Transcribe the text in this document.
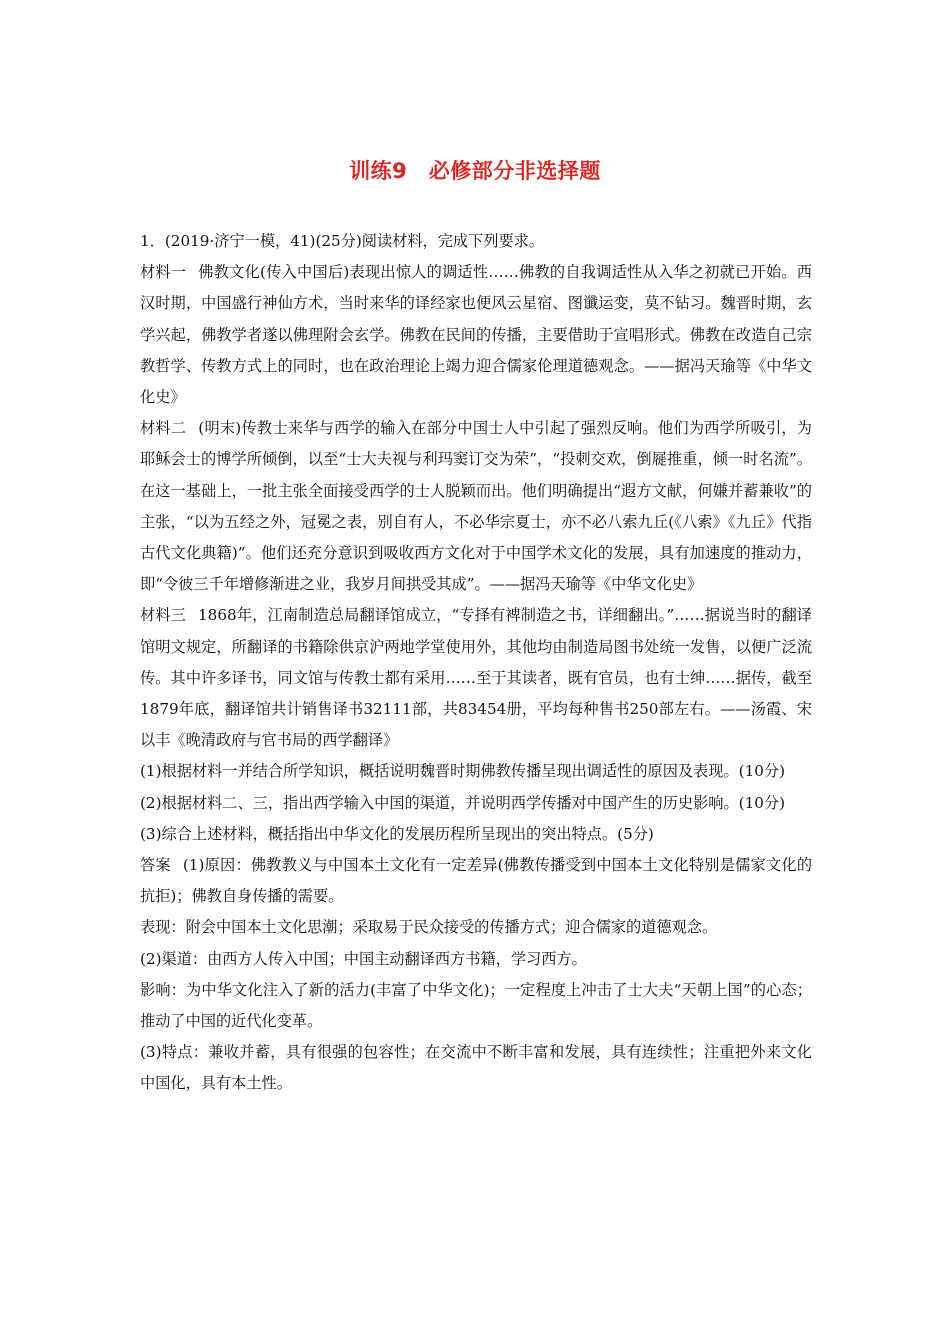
训练9　必修部分非选择题

1．(2019·济宁一模，41)(25分)阅读材料，完成下列要求。

材料一 佛教文化(传入中国后)表现出惊人的调适性……佛教的自我调适性从入华之初就已开始。西汉时期，中国盛行神仙方术，当时来华的译经家也便风云星宿、图谶运变，莫不钻习。魏晋时期，玄学兴起，佛教学者遂以佛理附会玄学。佛教在民间的传播，主要借助于宣唱形式。佛教在改造自己宗教哲学、传教方式上的同时，也在政治理论上竭力迎合儒家伦理道德观念。——据冯天瑜等《中华文化史》

材料二 (明末)传教士来华与西学的输入在部分中国士人中引起了强烈反响。他们为西学所吸引，为耶稣会士的博学所倾倒，以至“士大夫视与利玛窦订交为荣”，“投刺交欢，倒屣推重，倾一时名流”。在这一基础上，一批主张全面接受西学的士人脱颖而出。他们明确提出“遐方文献，何嫌并蓄兼收”的主张，“以为五经之外，冠冕之表，别自有人，不必华宗夏士，亦不必八索九丘(《八索》《九丘》代指古代文化典籍)”。他们还充分意识到吸收西方文化对于中国学术文化的发展，具有加速度的推动力，即“令彼三千年增修渐进之业，我岁月间拱受其成”。——据冯天瑜等《中华文化史》

材料三 1868年，江南制造总局翻译馆成立，“专择有裨制造之书，详细翻出。”……据说当时的翻译馆明文规定，所翻译的书籍除供京沪两地学堂使用外，其他均由制造局图书处统一发售，以便广泛流传。其中许多译书，同文馆与传教士都有采用……至于其读者，既有官员，也有士绅……据传，截至1879年底，翻译馆共计销售译书32111部，共83454册，平均每种售书250部左右。——汤霞、宋以丰《晚清政府与官书局的西学翻译》

(1)根据材料一并结合所学知识，概括说明魏晋时期佛教传播呈现出调适性的原因及表现。(10分)

(2)根据材料二、三，指出西学输入中国的渠道，并说明西学传播对中国产生的历史影响。(10分)

(3)综合上述材料，概括指出中华文化的发展历程所呈现出的突出特点。(5分)

答案 (1)原因：佛教教义与中国本土文化有一定差异(佛教传播受到中国本土文化特别是儒家文化的抗拒)；佛教自身传播的需要。

表现：附会中国本土文化思潮；采取易于民众接受的传播方式；迎合儒家的道德观念。

(2)渠道：由西方人传入中国；中国主动翻译西方书籍，学习西方。

影响：为中华文化注入了新的活力(丰富了中华文化)；一定程度上冲击了士大夫“天朝上国”的心态；推动了中国的近代化变革。

(3)特点：兼收并蓄，具有很强的包容性；在交流中不断丰富和发展，具有连续性；注重把外来文化中国化，具有本土性。
